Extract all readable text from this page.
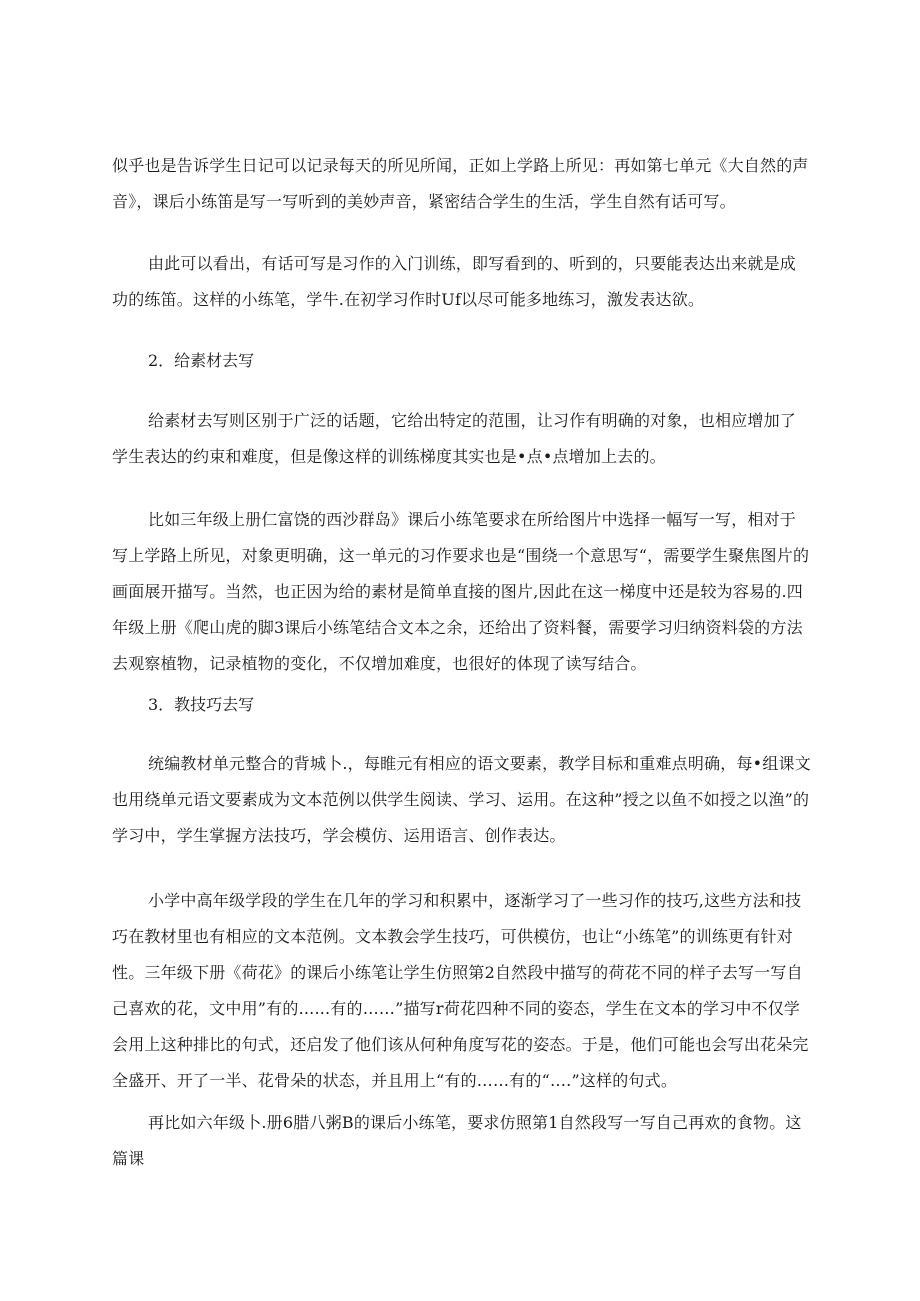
似乎也是告诉学生日记可以记录每天的所见所闻，正如上学路上所见：再如第七单元《大自然的声音》，课后小练笛是写一写听到的美妙声音，紧密结合学生的生活，学生自然有话可写。

由此可以看出，有话可写是习作的入门训练，即写看到的、听到的，只要能表达出来就是成功的练笛。这样的小练笔，学牛.在初学习作时Uf以尽可能多地练习，激发表达欲。

2．给素材去写

给素材去写则区别于广泛的话题，它给出特定的范围，让习作有明确的对象，也相应增加了学生表达的约束和难度，但是像这样的训练梯度其实也是•点•点增加上去的。

比如三年级上册仁富饶的西沙群岛》课后小练笔要求在所给图片中选择一幅写一写，相对于写上学路上所见，对象更明确，这一单元的习作要求也是“围绕一个意思写“，需要学生聚焦图片的画面展开描写。当然，也正因为给的素材是简单直接的图片,因此在这一梯度中还是较为容易的.四年级上册《爬山虎的脚3课后小练笔结合文本之余，还给出了资料餐，需要学习归纳资料袋的方法去观察植物，记录植物的变化，不仅增加难度，也很好的体现了读写结合。

3．教技巧去写

统编教材单元整合的背城卜.，每睢元有相应的语文要素，教学目标和重难点明确，每•组课文也用绕单元语文要素成为文本范例以供学生阅读、学习、运用。在这种”授之以鱼不如授之以渔”的学习中，学生掌握方法技巧，学会模仿、运用语言、创作表达。

小学中高年级学段的学生在几年的学习和积累中，逐渐学习了一些习作的技巧,这些方法和技巧在教材里也有相应的文本范例。文本教会学生技巧，可供模仿，也让“小练笔”的训练更有针对性。三年级下册《荷花》的课后小练笔让学生仿照第2自然段中描写的荷花不同的样子去写一写自己喜欢的花，文中用”有的......有的……”描写r荷花四种不同的姿态，学生在文本的学习中不仅学会用上这种排比的句式，还启发了他们该从何种角度写花的姿态。于是，他们可能也会写出花朵完全盛开、开了一半、花骨朵的状态，并且用上“有的……有的“….”这样的句式。

再比如六年级卜.册6腊八粥B的课后小练笔，要求仿照第1自然段写一写自己再欢的食物。这篇课
